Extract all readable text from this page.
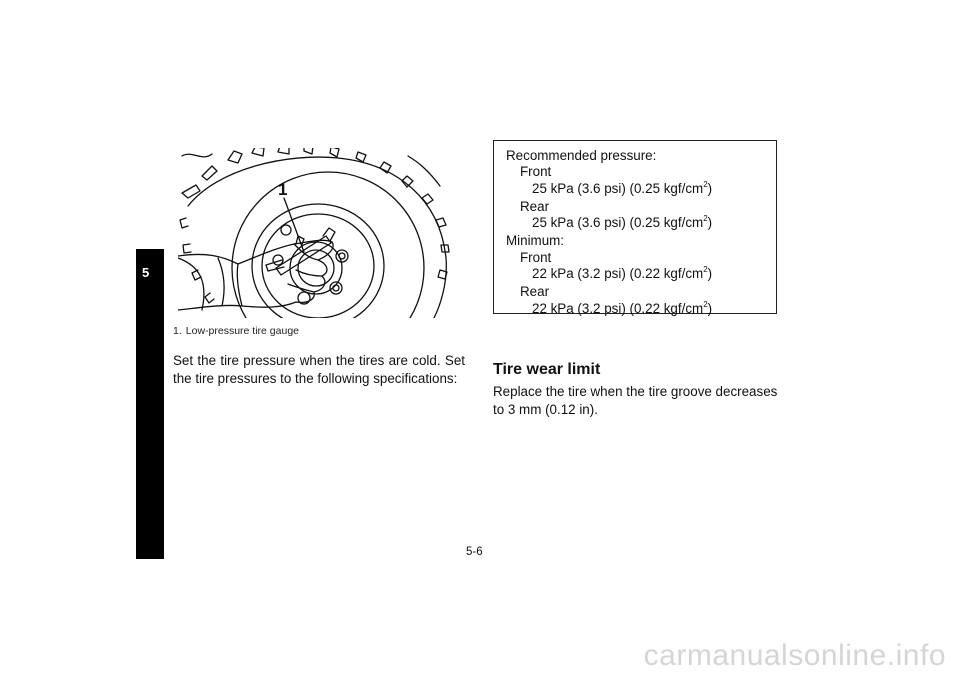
5
1
1. Low-pressure tire gauge
Set the tire pressure when the tires are cold. Set the tire pressures to the following specifications:
Recommended pressure:
Front
25 kPa (3.6 psi) (0.25 kgf/$cm^2$)
Rear
25 kPa (3.6 psi) (0.25 kgf/$cm^2$)
Minimum:
Front
22 kPa (3.2 psi) (0.22 kgf/$cm^2$)
Rear
22 kPa (3.2 psi) (0.22 kgf/$cm^2$)
Tire wear limit
Replace the tire when the tire groove decreases to 3 mm (0.12 in).
5-6
carmanualsonline.info
